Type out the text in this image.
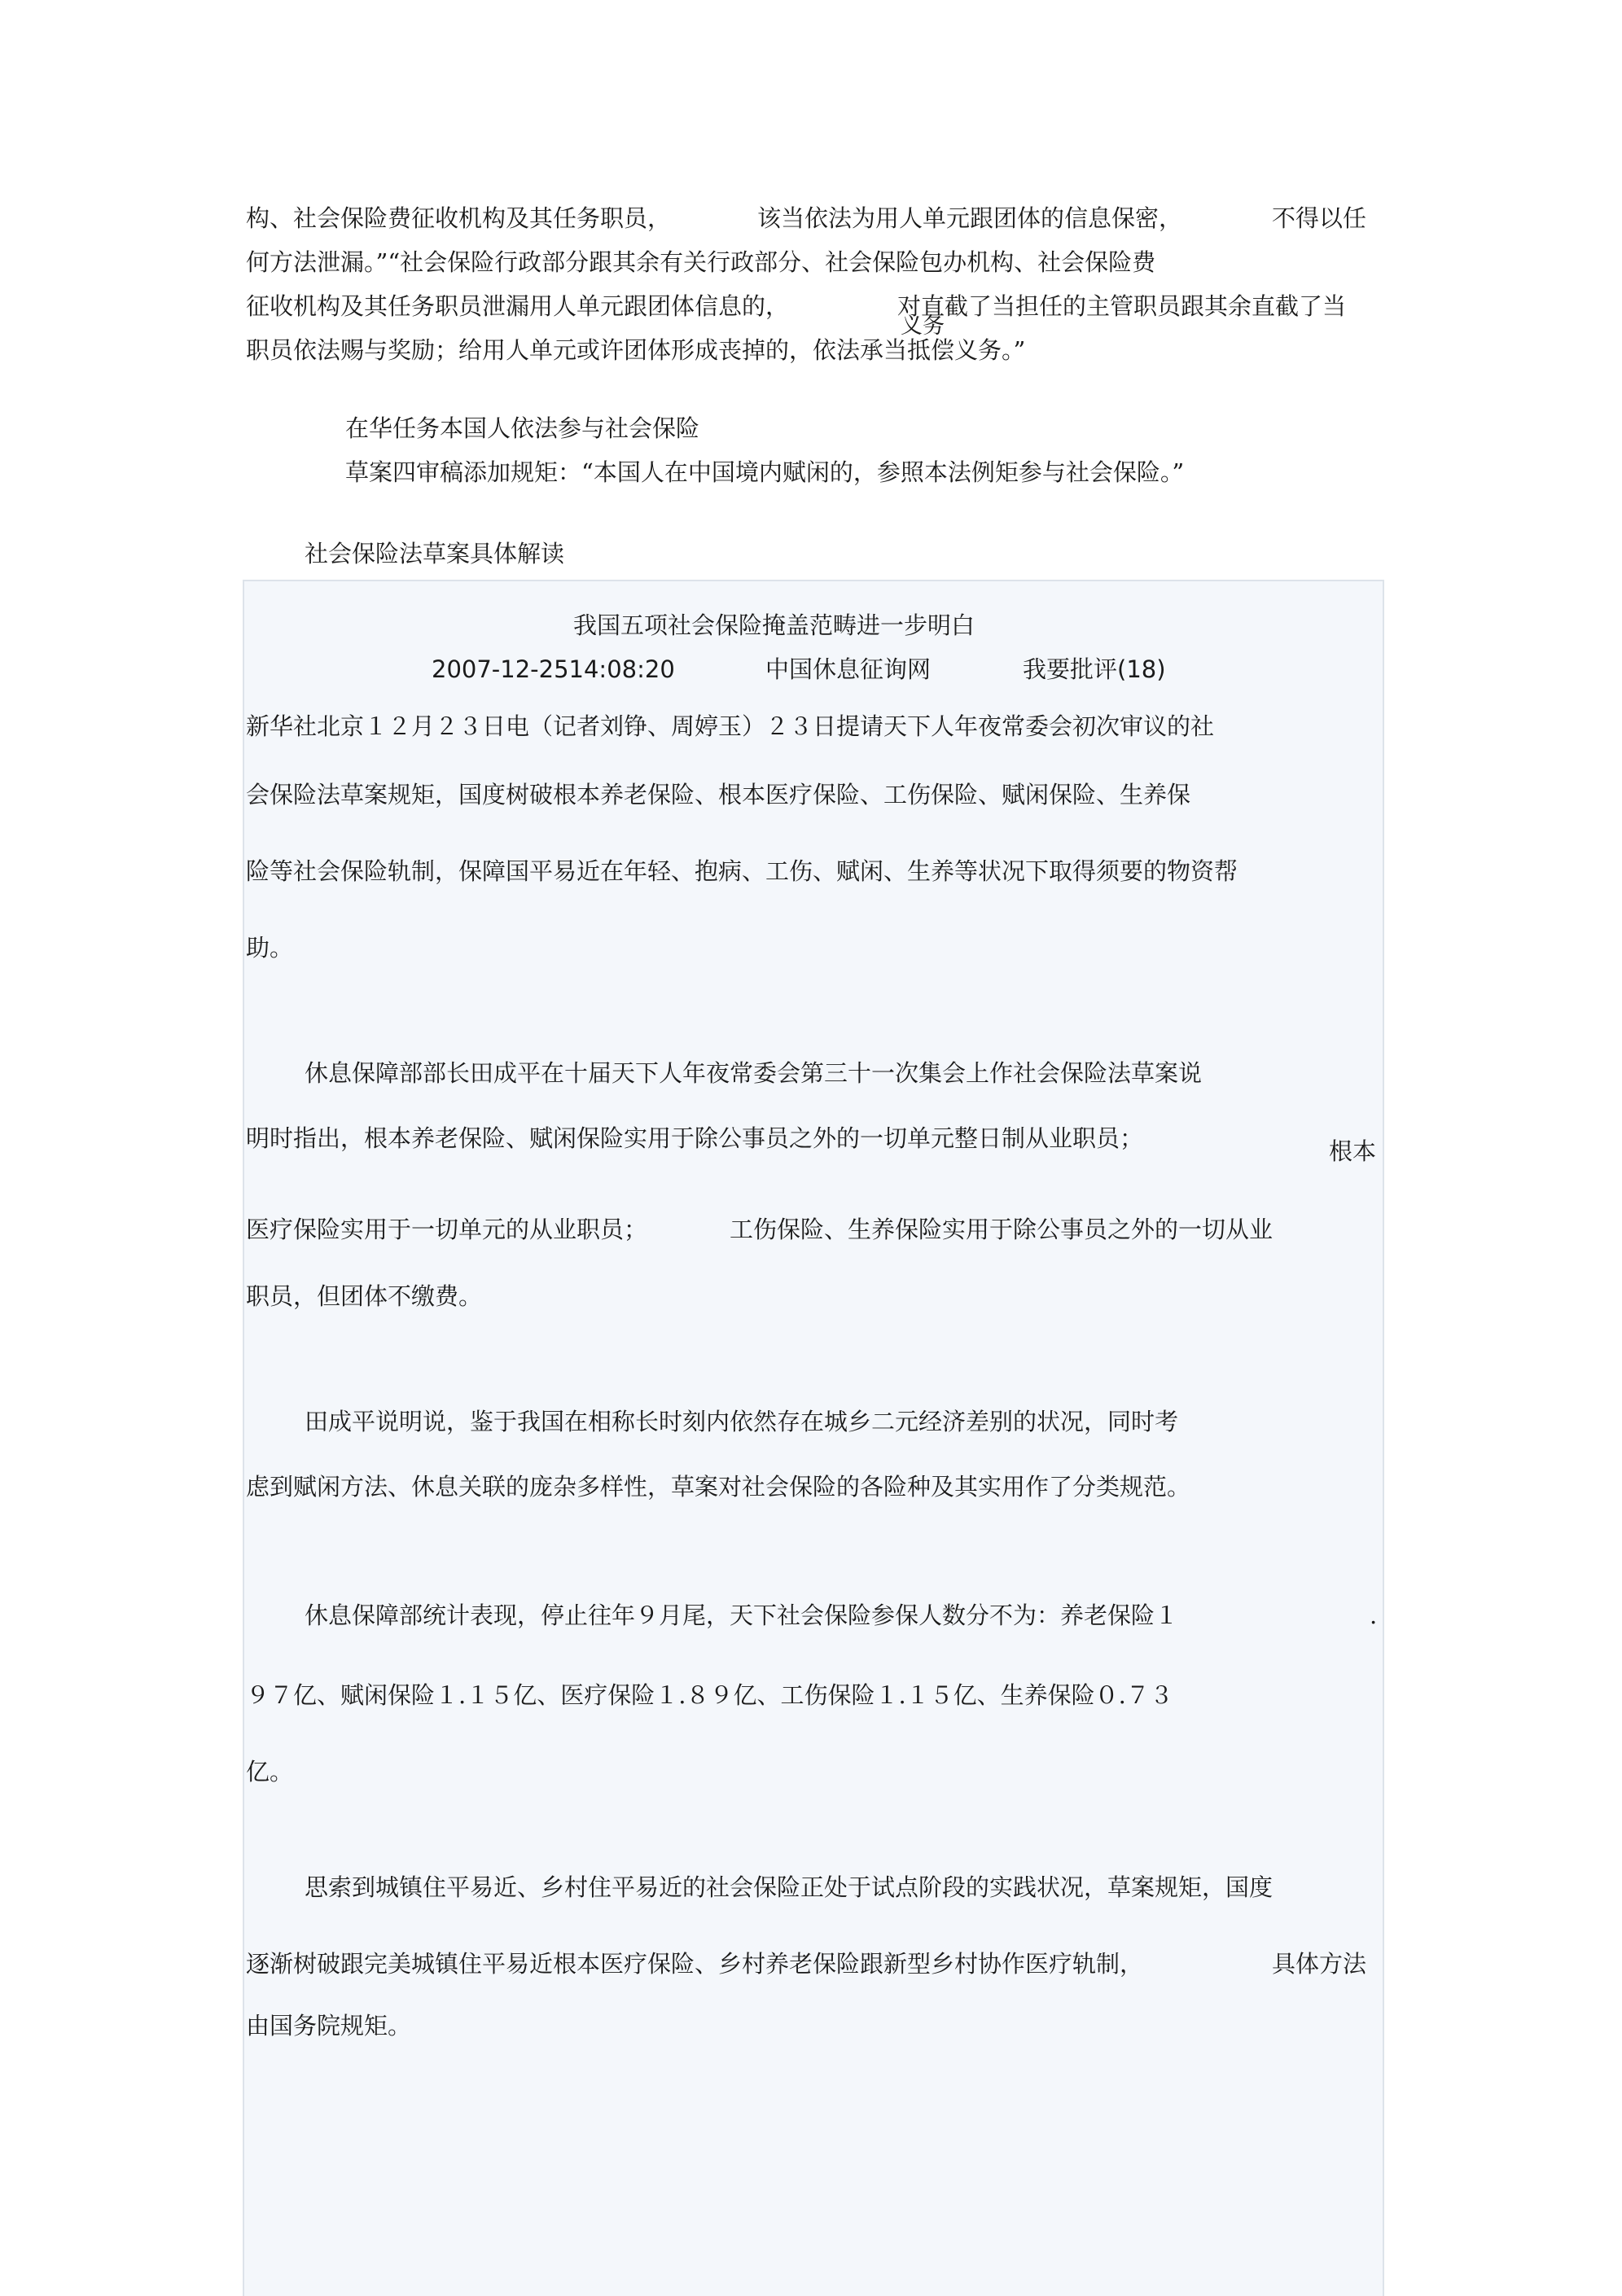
构、社会保险费征收机构及其任务职员，	该当依法为用人单元跟团体的信息保密，	不得以任
何方法泄漏。”“社会保险行政部分跟其余有关行政部分、社会保险包办机构、社会保险费
征收机构及其任务职员泄漏用人单元跟团体信息的，	对直截了当担任的主管职员跟其余直截了当
义务
职员依法赐与奖励；给用人单元或许团体形成丧掉的，依法承当抵偿义务。”
在华任务本国人依法参与社会保险
草案四审稿添加规矩：“本国人在中国境内赋闲的，参照本法例矩参与社会保险。”
社会保险法草案具体解读
我国五项社会保险掩盖范畴进一步明白
2007-12-2514:08:20	中国休息征询网	我要批评(18)
新华社北京１２月２３日电（记者刘铮、周婷玉）２３日提请天下人年夜常委会初次审议的社
会保险法草案规矩，国度树破根本养老保险、根本医疗保险、工伤保险、赋闲保险、生养保
险等社会保险轨制，保障国平易近在年轻、抱病、工伤、赋闲、生养等状况下取得须要的物资帮
助。
休息保障部部长田成平在十届天下人年夜常委会第三十一次集会上作社会保险法草案说
明时指出，根本养老保险、赋闲保险实用于除公事员之外的一切单元整日制从业职员；	根本
医疗保险实用于一切单元的从业职员；	工伤保险、生养保险实用于除公事员之外的一切从业
职员，但团体不缴费。
田成平说明说，鉴于我国在相称长时刻内依然存在城乡二元经济差别的状况，同时考
虑到赋闲方法、休息关联的庞杂多样性，草案对社会保险的各险种及其实用作了分类规范。
休息保障部统计表现，停止往年９月尾，天下社会保险参保人数分不为：养老保险１	.
９７亿、赋闲保险１.１５亿、医疗保险１.８９亿、工伤保险１.１５亿、生养保险０.７３
亿。
思索到城镇住平易近、乡村住平易近的社会保险正处于试点阶段的实践状况，草案规矩，国度
逐渐树破跟完美城镇住平易近根本医疗保险、乡村养老保险跟新型乡村协作医疗轨制，	具体方法
由国务院规矩。
